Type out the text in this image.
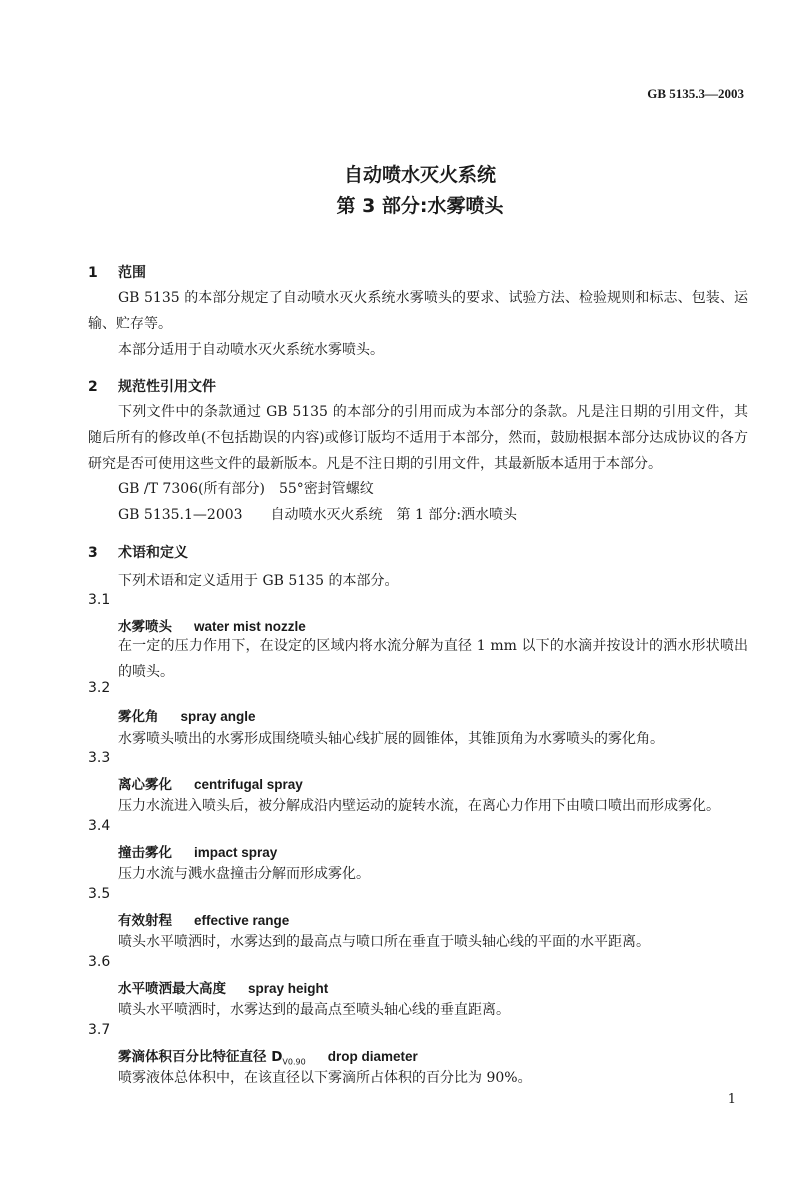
GB 5135.3—2003
自动喷水灭火系统
第 3 部分:水雾喷头
1 范围
GB 5135 的本部分规定了自动喷水灭火系统水雾喷头的要求、试验方法、检验规则和标志、包装、运输、贮存等。
本部分适用于自动喷水灭火系统水雾喷头。
2 规范性引用文件
下列文件中的条款通过 GB 5135 的本部分的引用而成为本部分的条款。凡是注日期的引用文件，其随后所有的修改单(不包括勘误的内容)或修订版均不适用于本部分，然而，鼓励根据本部分达成协议的各方研究是否可使用这些文件的最新版本。凡是不注日期的引用文件，其最新版本适用于本部分。
GB /T 7306(所有部分)　55°密封管螺纹
GB 5135.1—2003　　自动喷水灭火系统　第 1 部分:洒水喷头
3 术语和定义
下列术语和定义适用于 GB 5135 的本部分。
3.1
水雾喷头 water mist nozzle
在一定的压力作用下，在设定的区域内将水流分解为直径 1 mm 以下的水滴并按设计的洒水形状喷出的喷头。
3.2
雾化角 spray angle
水雾喷头喷出的水雾形成围绕喷头轴心线扩展的圆锥体，其锥顶角为水雾喷头的雾化角。
3.3
离心雾化 centrifugal spray
压力水流进入喷头后，被分解成沿内壁运动的旋转水流，在离心力作用下由喷口喷出而形成雾化。
3.4
撞击雾化 impact spray
压力水流与溅水盘撞击分解而形成雾化。
3.5
有效射程 effective range
喷头水平喷洒时，水雾达到的最高点与喷口所在垂直于喷头轴心线的平面的水平距离。
3.6
水平喷洒最大高度 spray height
喷头水平喷洒时，水雾达到的最高点至喷头轴心线的垂直距离。
3.7
雾滴体积百分比特征直径 $D_{V0.90}$ drop diameter
喷雾液体总体积中，在该直径以下雾滴所占体积的百分比为 90%。
1
